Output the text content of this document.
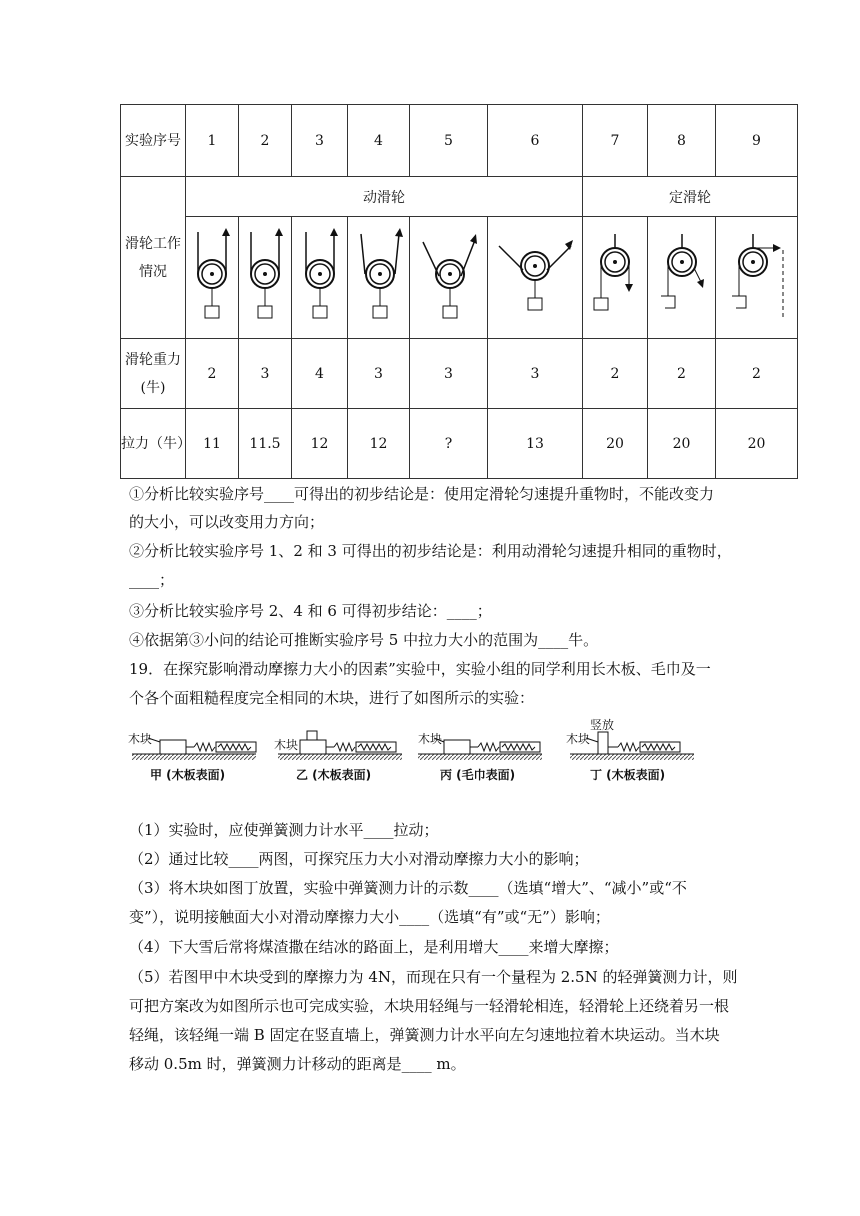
实验序号	1	2	3	4	5	6	7	8	9
滑轮工作情况	动滑轮						定滑轮		

滑轮重力(牛)	2	3	4	3	3	3	2	2	2
拉力（牛）	11	11.5	12	12	?	13	20	20	20
①分析比较实验序号____可得出的初步结论是：使用定滑轮匀速提升重物时，不能改变力
的大小，可以改变用力方向；
②分析比较实验序号 1、2 和 3 可得出的初步结论是：利用动滑轮匀速提升相同的重物时，
____；
③分析比较实验序号 2、4 和 6 可得初步结论：____；
④依据第③小问的结论可推断实验序号 5 中拉力大小的范围为____牛。
19．在探究影响滑动摩擦力大小的因素”实验中，实验小组的同学利用长木板、毛巾及一
个各个面粗糙程度完全相同的木块，进行了如图所示的实验：
木块	木块	木块	木块
竖放
甲 (木板表面)	乙 (木板表面)	丙 (毛巾表面)	丁 (木板表面)
（1）实验时，应使弹簧测力计水平____拉动；
（2）通过比较____两图，可探究压力大小对滑动摩擦力大小的影响；
（3）将木块如图丁放置，实验中弹簧测力计的示数____（选填“增大”、“减小”或“不
变”），说明接触面大小对滑动摩擦力大小____（选填“有”或“无”）影响；
（4）下大雪后常将煤渣撒在结冰的路面上，是利用增大____来增大摩擦；
（5）若图甲中木块受到的摩擦力为 4N，而现在只有一个量程为 2.5N 的轻弹簧测力计，则
可把方案改为如图所示也可完成实验，木块用轻绳与一轻滑轮相连，轻滑轮上还绕着另一根
轻绳，该轻绳一端 B 固定在竖直墙上，弹簧测力计水平向左匀速地拉着木块运动。当木块
移动 0.5m 时，弹簧测力计移动的距离是____ m。
